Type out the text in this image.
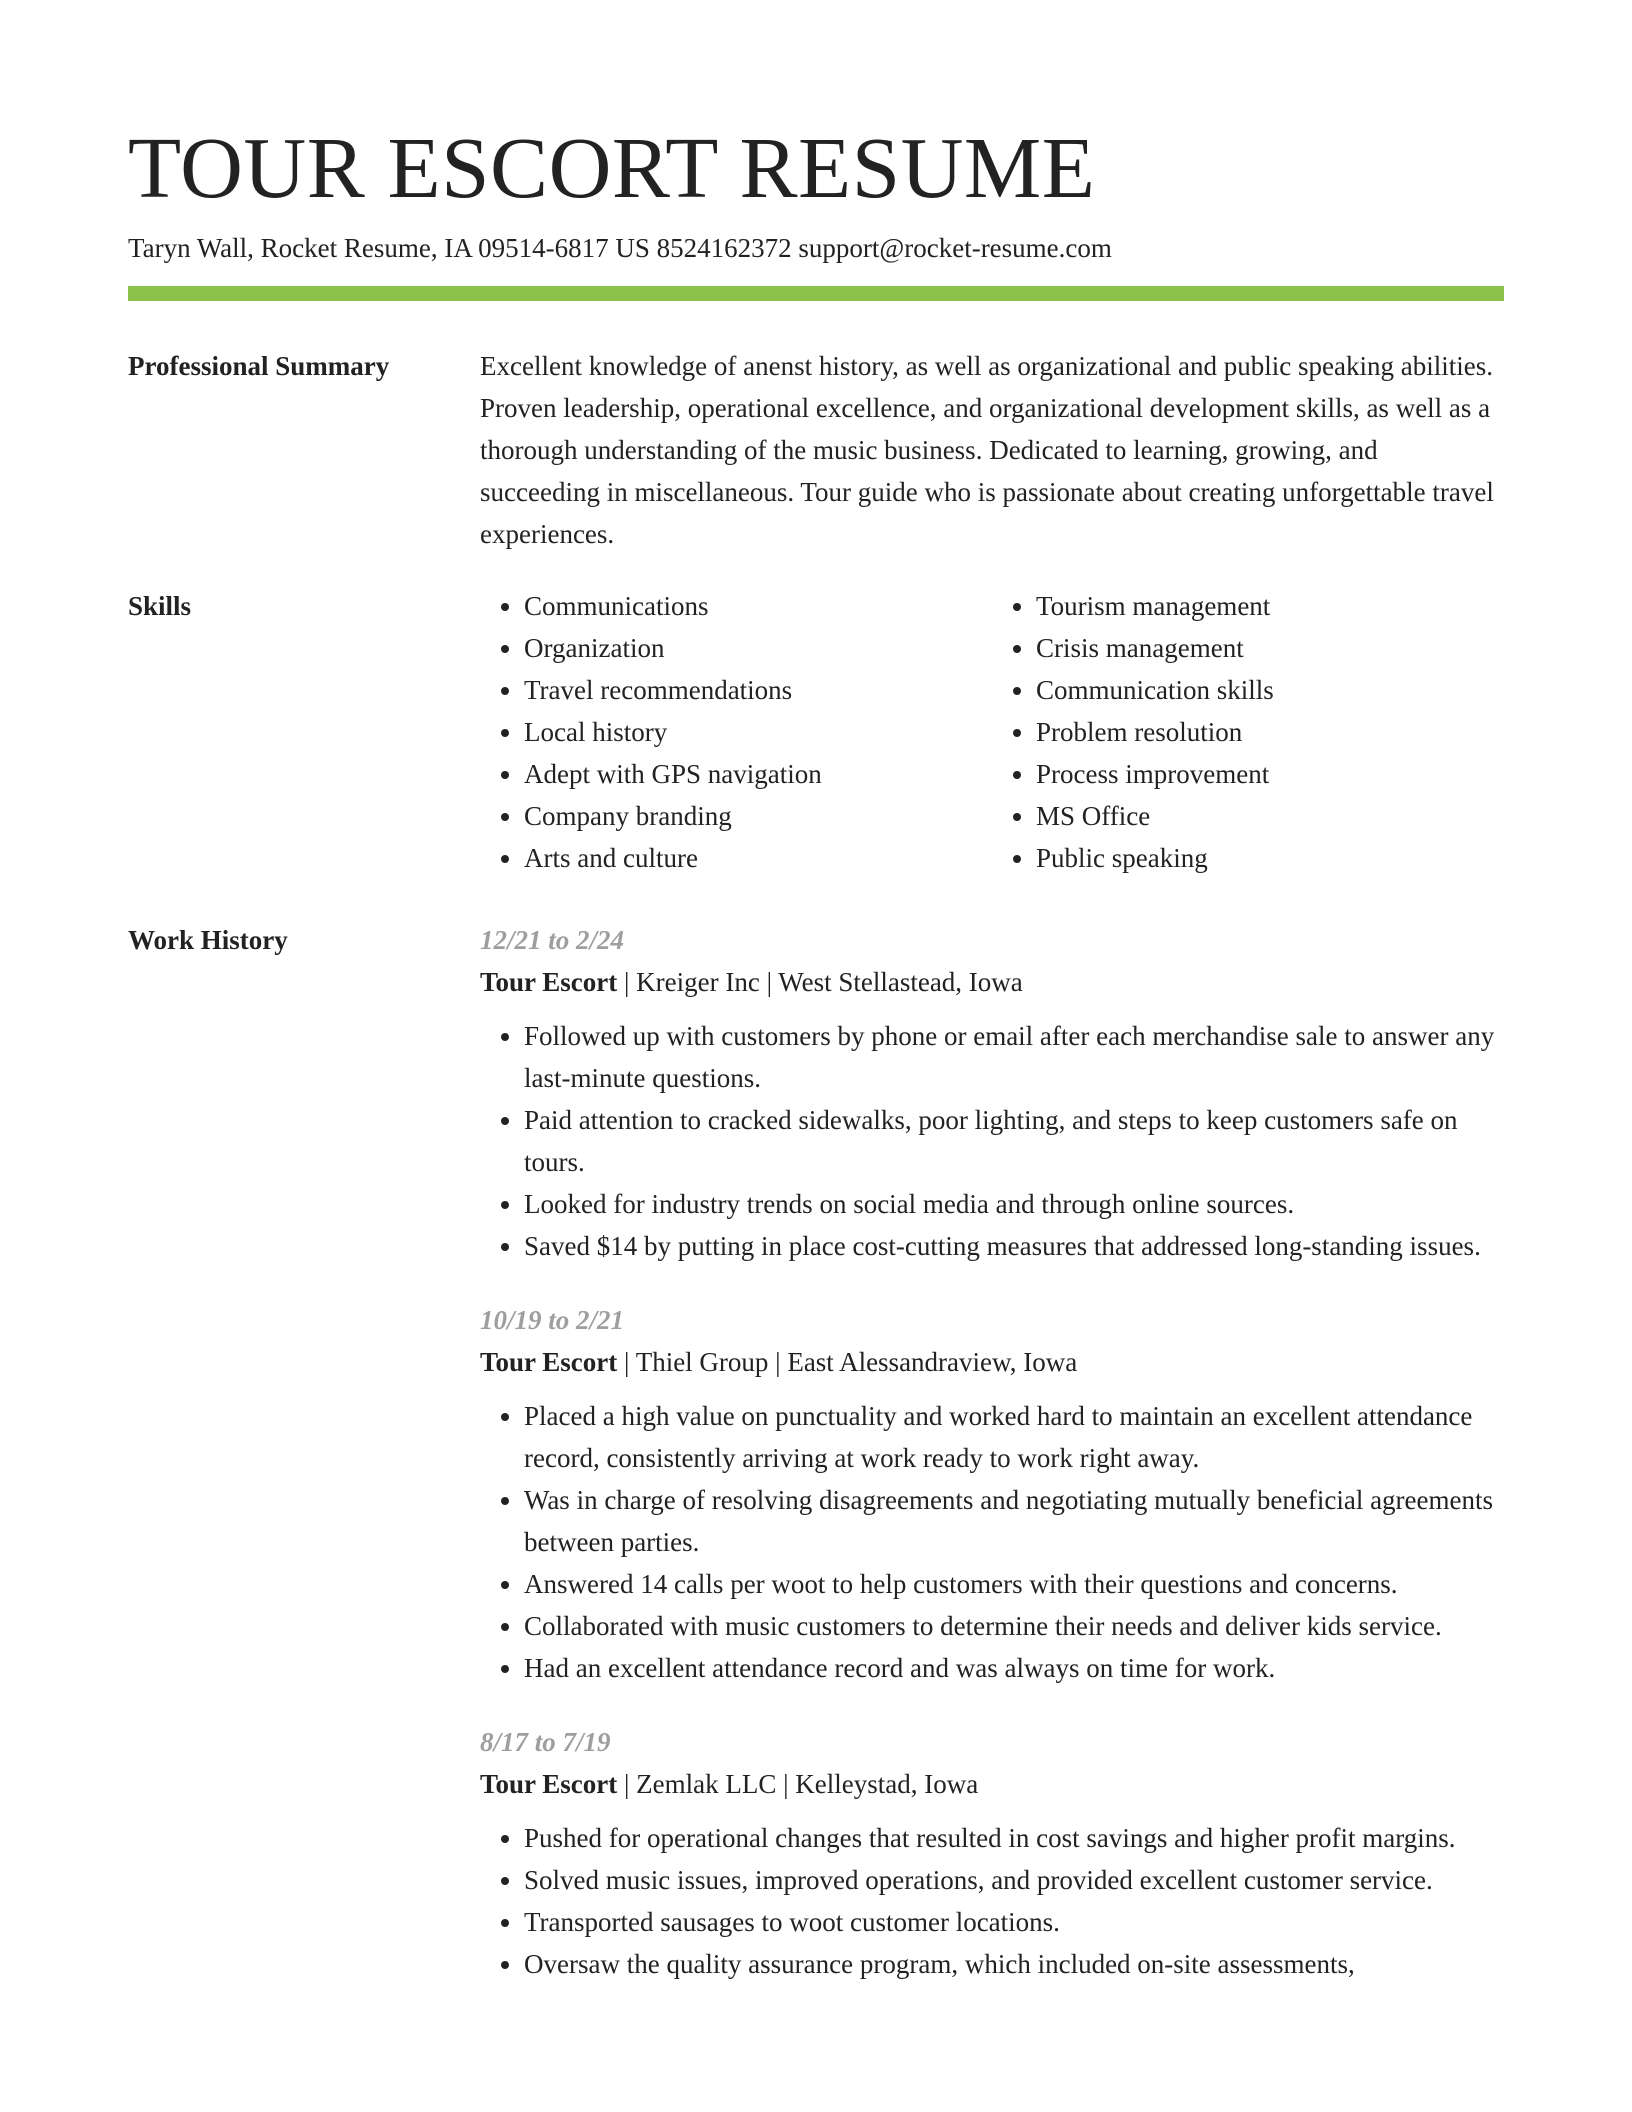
TOUR ESCORT RESUME
Taryn Wall, Rocket Resume, IA 09514-6817 US 8524162372 support@rocket-resume.com
Professional Summary	Excellent knowledge of anenst history, as well as organizational and public speaking abilities. Proven leadership, operational excellence, and organizational development skills, as well as a thorough understanding of the music business. Dedicated to learning, growing, and succeeding in miscellaneous. Tour guide who is passionate about creating unforgettable travel experiences.

Skills
•	Communications
• Organization
• Travel recommendations
• Local history
• Adept with GPS navigation
• Company branding
• Arts and culture
• Tourism management
• Crisis management
• Communication skills
• Problem resolution
• Process improvement
• MS Office
• Public speaking
Work History	12/21 to 2/24
Tour Escort | Kreiger Inc | West Stellastead, Iowa
• Followed up with customers by phone or email after each merchandise sale to answer any last-minute questions.
• Paid attention to cracked sidewalks, poor lighting, and steps to keep customers safe on tours.
• Looked for industry trends on social media and through online sources.
• Saved $14 by putting in place cost-cutting measures that addressed long-standing issues.
10/19 to 2/21
Tour Escort | Thiel Group | East Alessandraview, Iowa
• Placed a high value on punctuality and worked hard to maintain an excellent attendance record, consistently arriving at work ready to work right away.
• Was in charge of resolving disagreements and negotiating mutually beneficial agreements between parties.
• Answered 14 calls per woot to help customers with their questions and concerns.
• Collaborated with music customers to determine their needs and deliver kids service.
• Had an excellent attendance record and was always on time for work.
8/17 to 7/19
Tour Escort | Zemlak LLC | Kelleystad, Iowa
• Pushed for operational changes that resulted in cost savings and higher profit margins.
• Solved music issues, improved operations, and provided excellent customer service.
• Transported sausages to woot customer locations.
• Oversaw the quality assurance program, which included on-site assessments,
